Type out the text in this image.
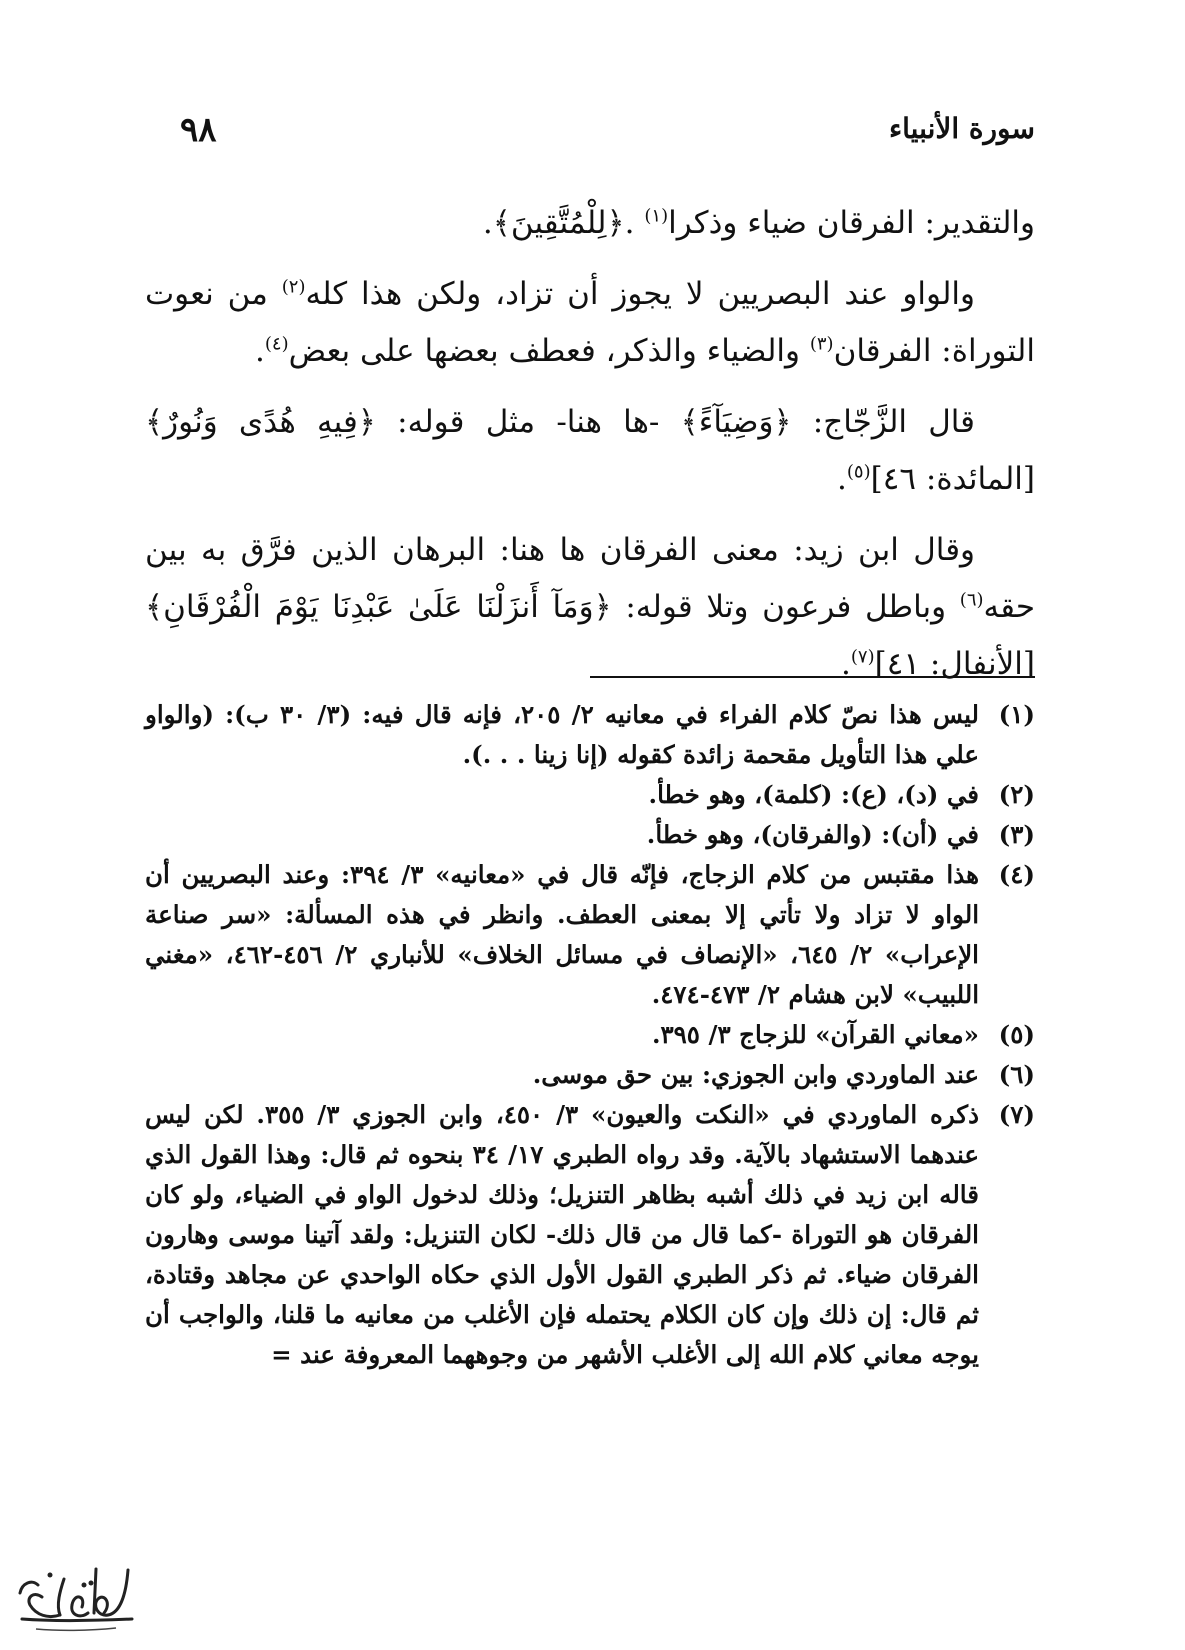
٩٨	سورة الأنبياء

والتقدير: الفرقان ضياء وذكرا$^{(١)}$ .﴿لِلْمُتَّقِينَ﴾.

والواو عند البصريين لا يجوز أن تزاد، ولكن هذا كله$^{(٢)}$ من نعوت التوراة: الفرقان$^{(٣)}$ والضياء والذكر، فعطف بعضها على بعض$^{(٤)}$.

قال الزَّجّاج: ﴿وَضِيَآءً﴾ -ها هنا- مثل قوله: ﴿فِيهِ هُدًى وَنُورٌ﴾ [المائدة: ٤٦]$^{(٥)}$.

وقال ابن زيد: معنى الفرقان ها هنا: البرهان الذين فرَّق به بين حقه$^{(٦)}$ وباطل فرعون وتلا قوله: ﴿وَمَآ أَنزَلْنَا عَلَىٰ عَبْدِنَا يَوْمَ الْفُرْقَانِ﴾ [الأنفال: ٤١]$^{(٧)}$.

(١)
ليس هذا نصّ كلام الفراء في معانيه ٢/ ٢٠٥، فإنه قال فيه: (٣/ ٣٠ ب): (والواو علي هذا التأويل مقحمة زائدة كقوله (إنا زينا . . .).
(٢)
في (د)، (ع): (كلمة)، وهو خطأ.
(٣)
في (أن): (والفرقان)، وهو خطأ.
(٤)
هذا مقتبس من كلام الزجاج، فإنّه قال في «معانيه» ٣/ ٣٩٤: وعند البصريين أن الواو لا تزاد ولا تأتي إلا بمعنى العطف. وانظر في هذه المسألة: «سر صناعة الإعراب» ٢/ ٦٤٥، «الإنصاف في مسائل الخلاف» للأنباري ٢/ ٤٥٦-٤٦٢، «مغني اللبيب» لابن هشام ٢/ ٤٧٣-٤٧٤.
(٥)
«معاني القرآن» للزجاج ٣/ ٣٩٥.
(٦)
عند الماوردي وابن الجوزي: بين حق موسى.
(٧)
ذكره الماوردي في «النكت والعيون» ٣/ ٤٥٠، وابن الجوزي ٣/ ٣٥٥. لكن ليس عندهما الاستشهاد بالآية. وقد رواه الطبري ١٧/ ٣٤ بنحوه ثم قال: وهذا القول الذي قاله ابن زيد في ذلك أشبه بظاهر التنزيل؛ وذلك لدخول الواو في الضياء، ولو كان الفرقان هو التوراة -كما قال من قال ذلك- لكان التنزيل: ولقد آتينا موسى وهارون الفرقان ضياء. ثم ذكر الطبري القول الأول الذي حكاه الواحدي عن مجاهد وقتادة، ثم قال: إن ذلك وإن كان الكلام يحتمله فإن الأغلب من معانيه ما قلنا، والواجب أن يوجه معاني كلام الله إلى الأغلب الأشهر من وجوههما المعروفة عند =
